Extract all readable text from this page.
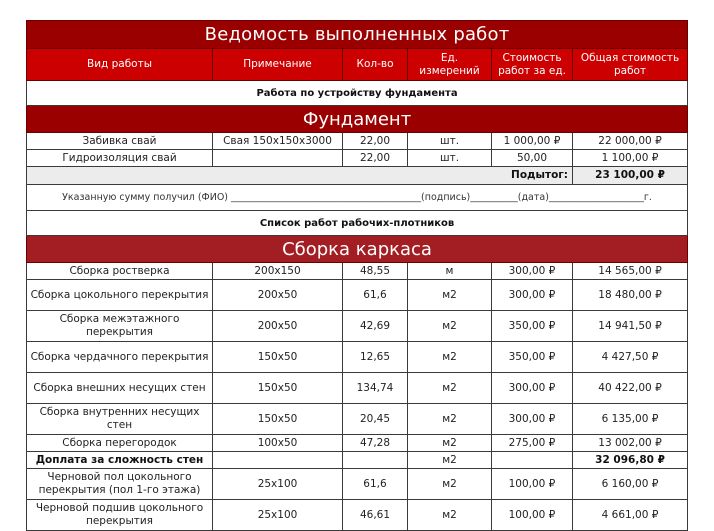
Ведомость выполненных работ					
Вид работы	Примечание	Кол-во	Ед. измерений	Стоимость работ за ед.	Общая стоимость работ
Работа по устройству фундамента					
Фундамент					
Забивка свай	Свая 150х150х3000	22,00	шт.	1 000,00 ₽	22 000,00 ₽
Гидроизоляция свай		22,00	шт.	50,00	1 100,00 ₽
Подытог:					23 100,00 ₽
Указанную сумму получил (ФИО) ________________________________________(подпись)__________(дата)____________________г.					
Список работ рабочих-плотников					
Сборка каркаса					
Сборка ростверка	200х150	48,55	м	300,00 ₽	14 565,00 ₽
Сборка цокольного перекрытия	200х50	61,6	м2	300,00 ₽	18 480,00 ₽
Сборка межэтажного перекрытия	200х50	42,69	м2	350,00 ₽	14 941,50 ₽
Сборка чердачного перекрытия	150х50	12,65	м2	350,00 ₽	4 427,50 ₽
Сборка внешних несущих стен	150х50	134,74	м2	300,00 ₽	40 422,00 ₽
Сборка внутренних несущих стен	150х50	20,45	м2	300,00 ₽	6 135,00 ₽
Сборка перегородок	100х50	47,28	м2	275,00 ₽	13 002,00 ₽
Доплата за сложность стен			м2		32 096,80 ₽
Черновой пол цокольного перекрытия (пол 1-го этажа)	25х100	61,6	м2	100,00 ₽	6 160,00 ₽
Черновой подшив цокольного перекрытия	25х100	46,61	м2	100,00 ₽	4 661,00 ₽
